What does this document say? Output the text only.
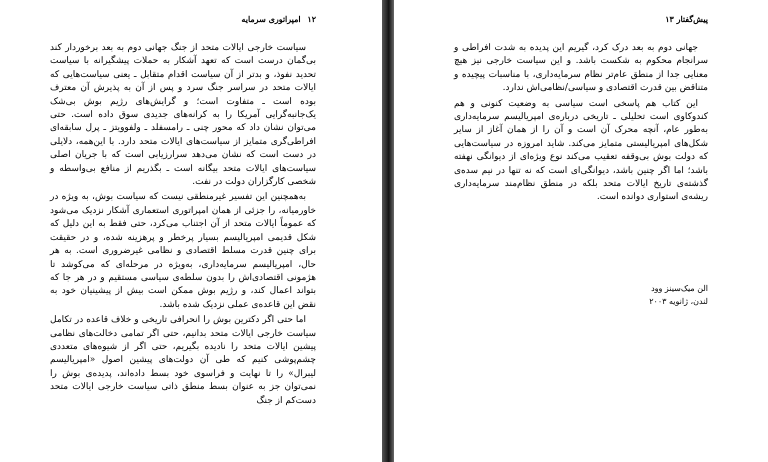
۱۲ امپراتوری سرمایه

سیاست خارجی ایالات متحد از جنگ جهانی دوم به بعد برخوردار کند بی‌گمان درست است که تعهد آشکار به حملات پیشگیرانه با سیاست تحدید نفوذ، و بدتر از آن سیاست اقدام متقابل ـ یعنی سیاست‌هایی که ایالات متحد در سراسر جنگ سرد و پس از آن به پذیرش آن معترف بوده است ـ متفاوت است؛ و گرایش‌های رژیم بوش بی‌شک یک‌جانبه‌گرایی آمریکا را به کرانه‌های جدیدی سوق داده است. حتی می‌توان نشان داد که محور چنی ـ رامسفلد ـ ولفوویتز ـ پرل سابقه‌ای افراطی‌گری متمایز از سیاست‌های ایالات متحد دارد. با این‌همه، دلایلی در دست است که نشان می‌دهد سرارزیابی است که با جریان اصلی سیاست‌های ایالات متحد بیگانه است ـ بگذریم از منافع بی‌واسطه و شخصی کارگزاران دولت در نفت.

به‌همچنین این تفسیر غیرمنطقی نیست که سیاست بوش، به ویژه در خاورمیانه، را جزئی از همان امپراتوری استعماری آشکار نزدیک می‌شود که عموماً ایالات متحد از آن اجتناب می‌کرد، حتی فقط به این دلیل که شکل قدیمی امپریالیسم بسیار پرخطر و پرهزینه شده، و در حقیقت برای چنین قدرت مسلط اقتصادی و نظامی غیرضروری است. به هر حال، امپریالیسم سرمایه‌داری، به‌ویژه در مرحله‌ای که می‌کوشد تا هژمونی اقتصادی‌اش را بدون سلطه‌ی سیاسی مستقیم و در هر جا که بتواند اعمال کند، و رژیم بوش ممکن است بیش از پیشینیان خود به نقض این قاعده‌ی عملی نزدیک شده باشد.

اما حتی اگر دکترین بوش را انحرافی تاریخی و خلاف قاعده در تکامل سیاست خارجی ایالات متحد بدانیم، حتی اگر تمامی دخالت‌های نظامی پیشین ایالات متحد را نادیده بگیریم، حتی اگر از شیوه‌های متعددی چشم‌پوشی کنیم که طی آن دولت‌های پیشین اصول «امپریالیسم لیبرال» را تا نهایت و فراسوی خود بسط داده‌اند، پدیده‌ی بوش را نمی‌توان جز به عنوان بسط منطق ذاتی سیاست خارجی ایالات متحد دست‌کم از جنگ

پیش‌گفتار ۱۳

جهانی دوم به بعد درک کرد، گیریم این پدیده به شدت افراطی و سرانجام محکوم به شکست باشد. و این سیاست خارجی نیز هیچ معنایی جدا از منطق عام‌تر نظام سرمایه‌داری، با مناسبات پیچیده و متناقض بین قدرت اقتصادی و سیاسی/نظامی‌اش ندارد.

این کتاب هم پاسخی است سیاسی به وضعیت کنونی و هم کندوکاوی است تحلیلی ـ تاریخی درباره‌ی امپریالیسم سرمایه‌داری به‌طور عام، آنچه محرک آن است و آن را از همان آغاز از سایر شکل‌های امپریالیستی متمایز می‌کند. شاید امروزه در سیاست‌هایی که دولت بوش بی‌وقفه تعقیب می‌کند نوع ویژه‌ای از دیوانگی نهفته باشد؛ اما اگر چنین باشد، دیوانگی‌ای است که نه تنها در نیم سده‌ی گذشته‌ی تاریخ ایالات متحد بلکه در منطق نظام‌مند سرمایه‌داری ریشه‌ی استواری دوانده است.

الن میک‌سینز وود
لندن، ژانویه ۲۰۰۳
